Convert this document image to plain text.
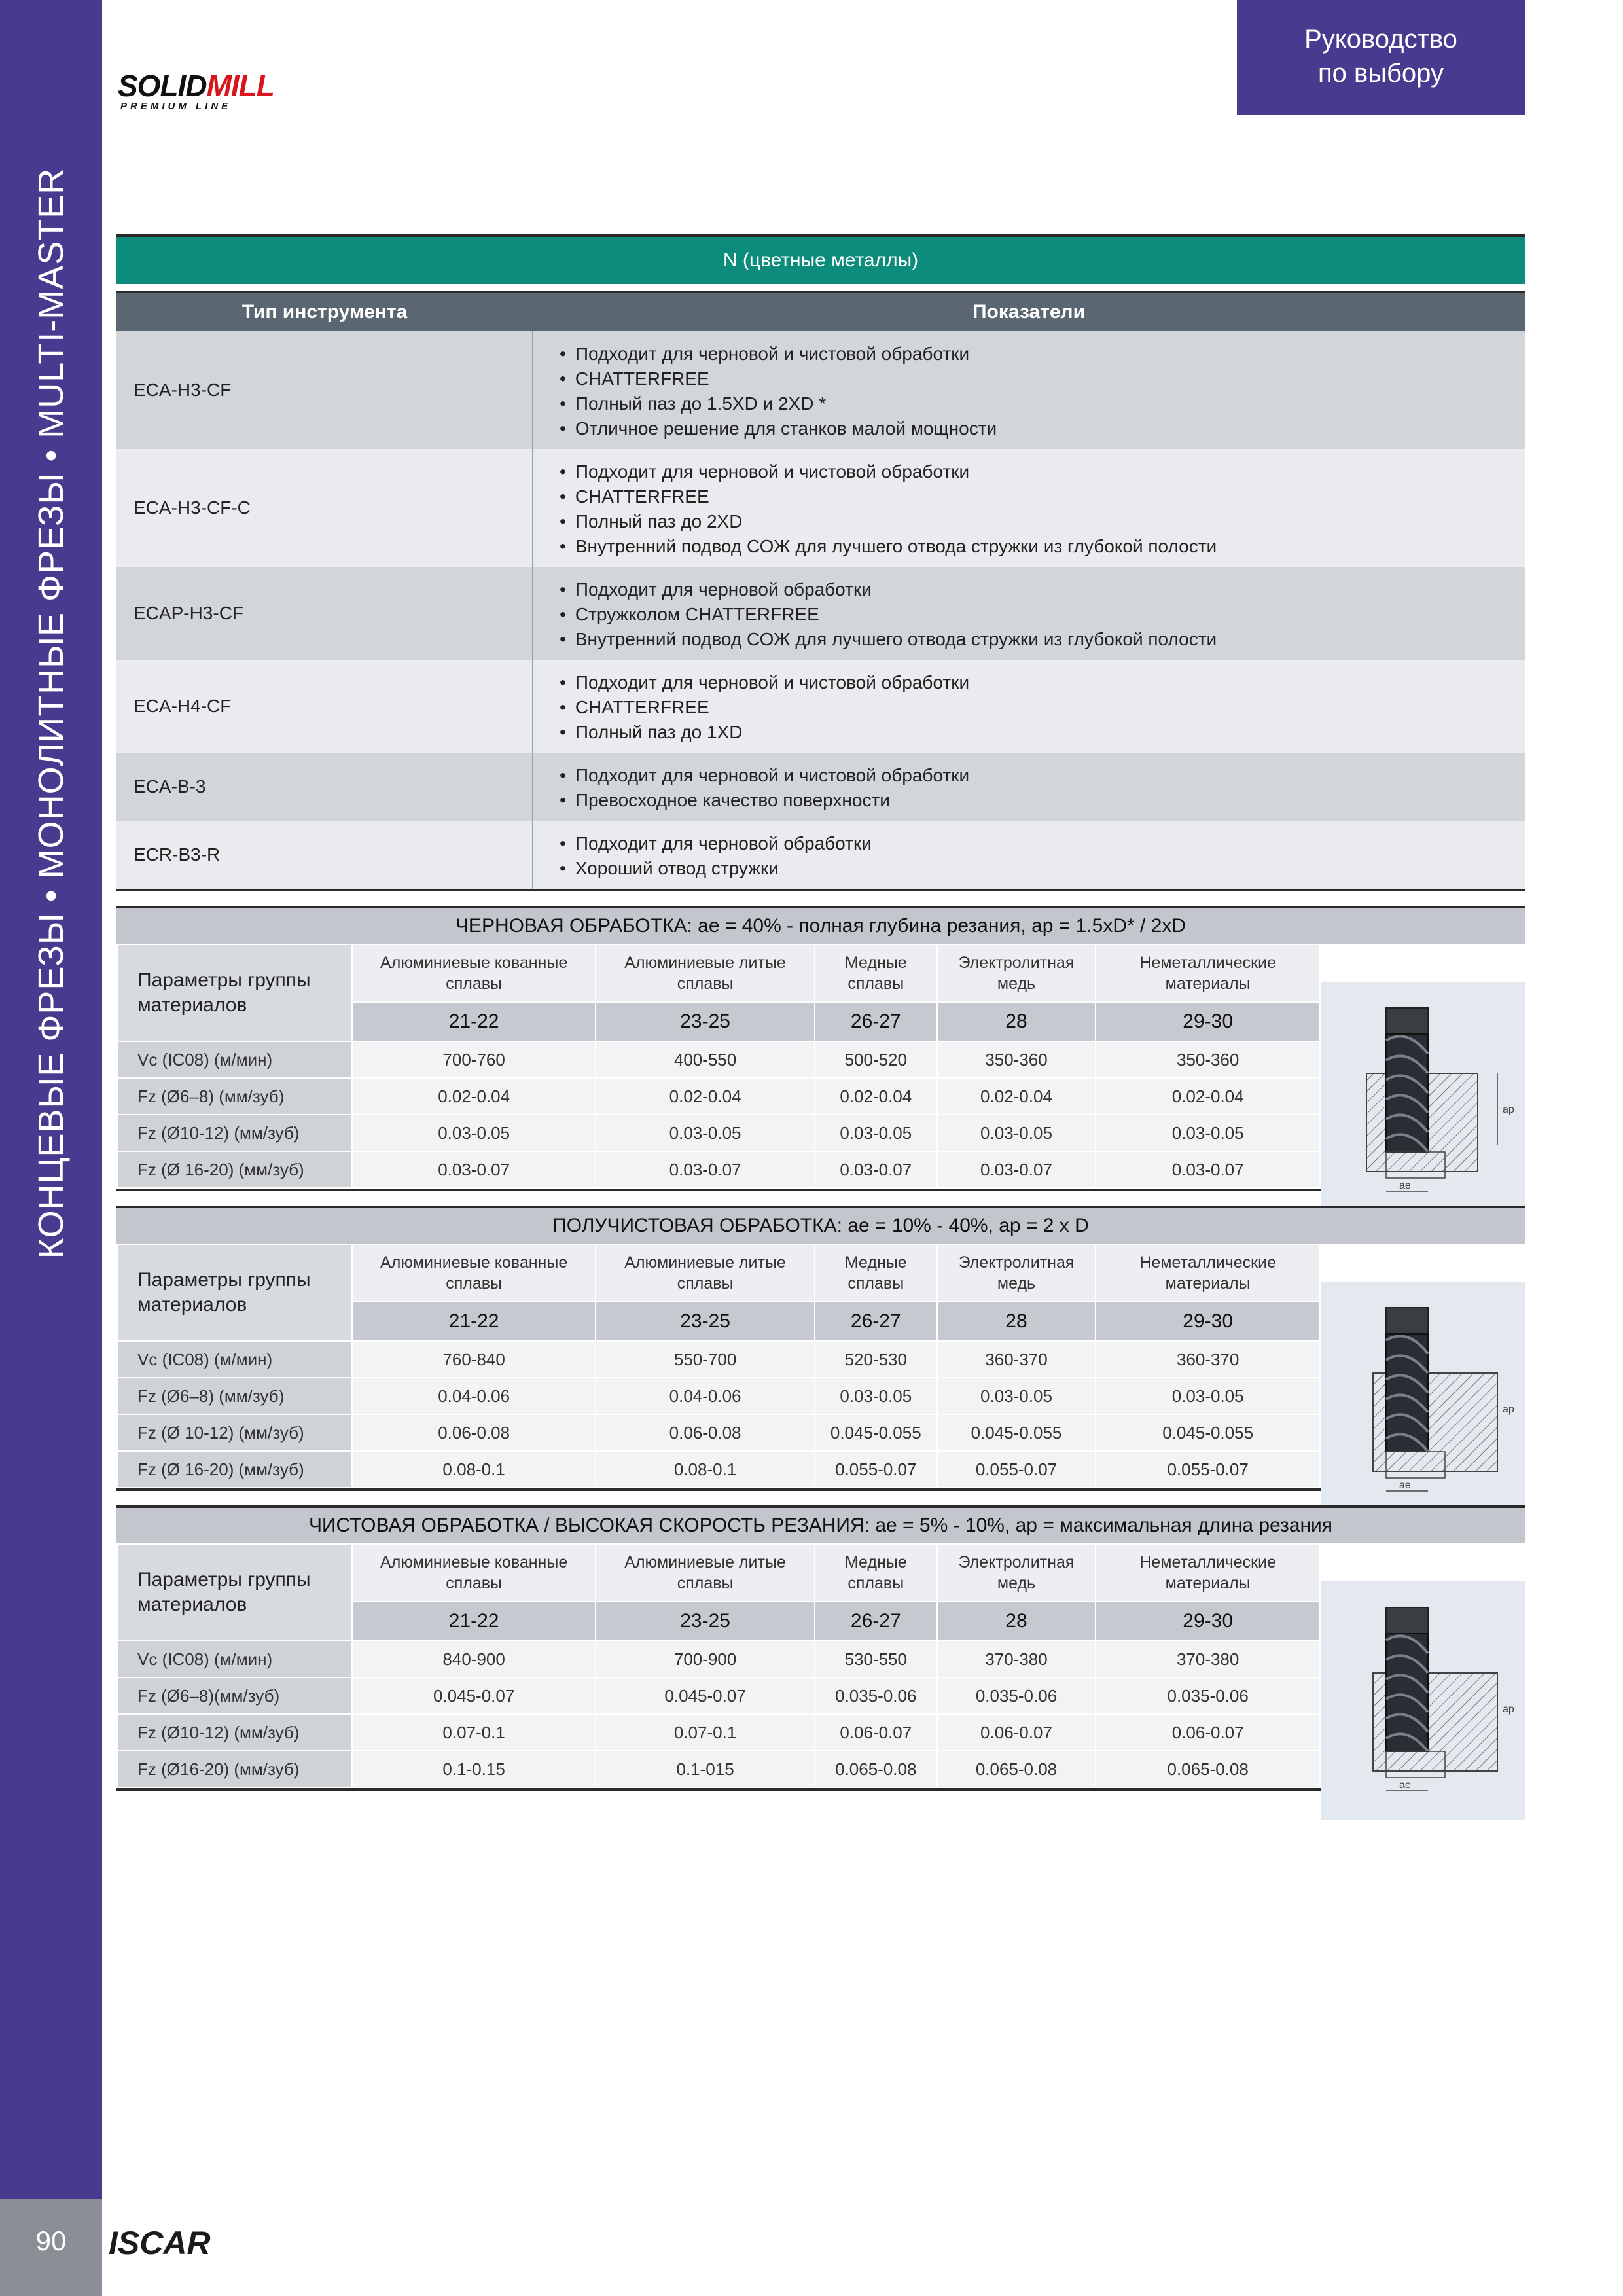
КОНЦЕВЫЕ ФРЕЗЫ • МОНОЛИТНЫЕ ФРЕЗЫ • MULTI-MASTER
90	ISCAR
SOLIDMILL
PREMIUM LINE
Руководство
по выбору
N (цветные металлы)
Тип инструмента	Показатели
ECA-H3-CF	• Подходит для черновой и чистовой обработки
• CHATTERFREE
• Полный паз до 1.5XD и 2XD *
• Отличное решение для станков малой мощности

ECA-H3-CF-C	• Подходит для черновой и чистовой обработки
• CHATTERFREE
• Полный паз до 2XD
• Внутренний подвод СОЖ для лучшего отвода стружки из глубокой полости

ECAP-H3-CF	• Подходит для черновой обработки
• Стружколом CHATTERFREE
• Внутренний подвод СОЖ для лучшего отвода стружки из глубокой полости

ECA-H4-CF	• Подходит для черновой и чистовой обработки
• CHATTERFREE
• Полный паз до 1XD

ECA-B-3	• Подходит для черновой и чистовой обработки
• Превосходное качество поверхности

ECR-B3-R	• Подходит для черновой обработки
• Хороший отвод стружки
ЧЕРНОВАЯ ОБРАБОТКА: ae = 40% - полная глубина резания, ap = 1.5xD* / 2xD
Параметры группы материалов	Алюминиевые кованные сплавы	Алюминиевые литые сплавы	Медные сплавы	Электролитная медь	Неметаллические материалы
	21-22	23-25	26-27	28	29-30
Vc (IC08) (м/мин)	700-760	400-550	500-520	350-360	350-360
Fz (Ø6–8) (мм/зуб)	0.02-0.04	0.02-0.04	0.02-0.04	0.02-0.04	0.02-0.04
Fz (Ø10-12) (мм/зуб)	0.03-0.05	0.03-0.05	0.03-0.05	0.03-0.05	0.03-0.05
Fz (Ø 16-20) (мм/зуб)	0.03-0.07	0.03-0.07	0.03-0.07	0.03-0.07	0.03-0.07
ap
ae
ПОЛУЧИСТОВАЯ ОБРАБОТКА: ae = 10% - 40%, ap = 2 x D
Параметры группы материалов	Алюминиевые кованные сплавы	Алюминиевые литые сплавы	Медные сплавы	Электролитная медь	Неметаллические материалы
	21-22	23-25	26-27	28	29-30
Vc (IC08) (м/мин)	760-840	550-700	520-530	360-370	360-370
Fz (Ø6–8) (мм/зуб)	0.04-0.06	0.04-0.06	0.03-0.05	0.03-0.05	0.03-0.05
Fz (Ø 10-12) (мм/зуб)	0.06-0.08	0.06-0.08	0.045-0.055	0.045-0.055	0.045-0.055
Fz (Ø 16-20) (мм/зуб)	0.08-0.1	0.08-0.1	0.055-0.07	0.055-0.07	0.055-0.07
ap
ae
ЧИСТОВАЯ ОБРАБОТКА / ВЫСОКАЯ СКОРОСТЬ РЕЗАНИЯ: ae = 5% - 10%, ap = максимальная длина резания
Параметры группы материалов	Алюминиевые кованные сплавы	Алюминиевые литые сплавы	Медные сплавы	Электролитная медь	Неметаллические материалы
	21-22	23-25	26-27	28	29-30
Vc (IC08) (м/мин)	840-900	700-900	530-550	370-380	370-380
Fz (Ø6–8)(мм/зуб)	0.045-0.07	0.045-0.07	0.035-0.06	0.035-0.06	0.035-0.06
Fz (Ø10-12) (мм/зуб)	0.07-0.1	0.07-0.1	0.06-0.07	0.06-0.07	0.06-0.07
Fz (Ø16-20) (мм/зуб)	0.1-0.15	0.1-015	0.065-0.08	0.065-0.08	0.065-0.08
ap
ae
